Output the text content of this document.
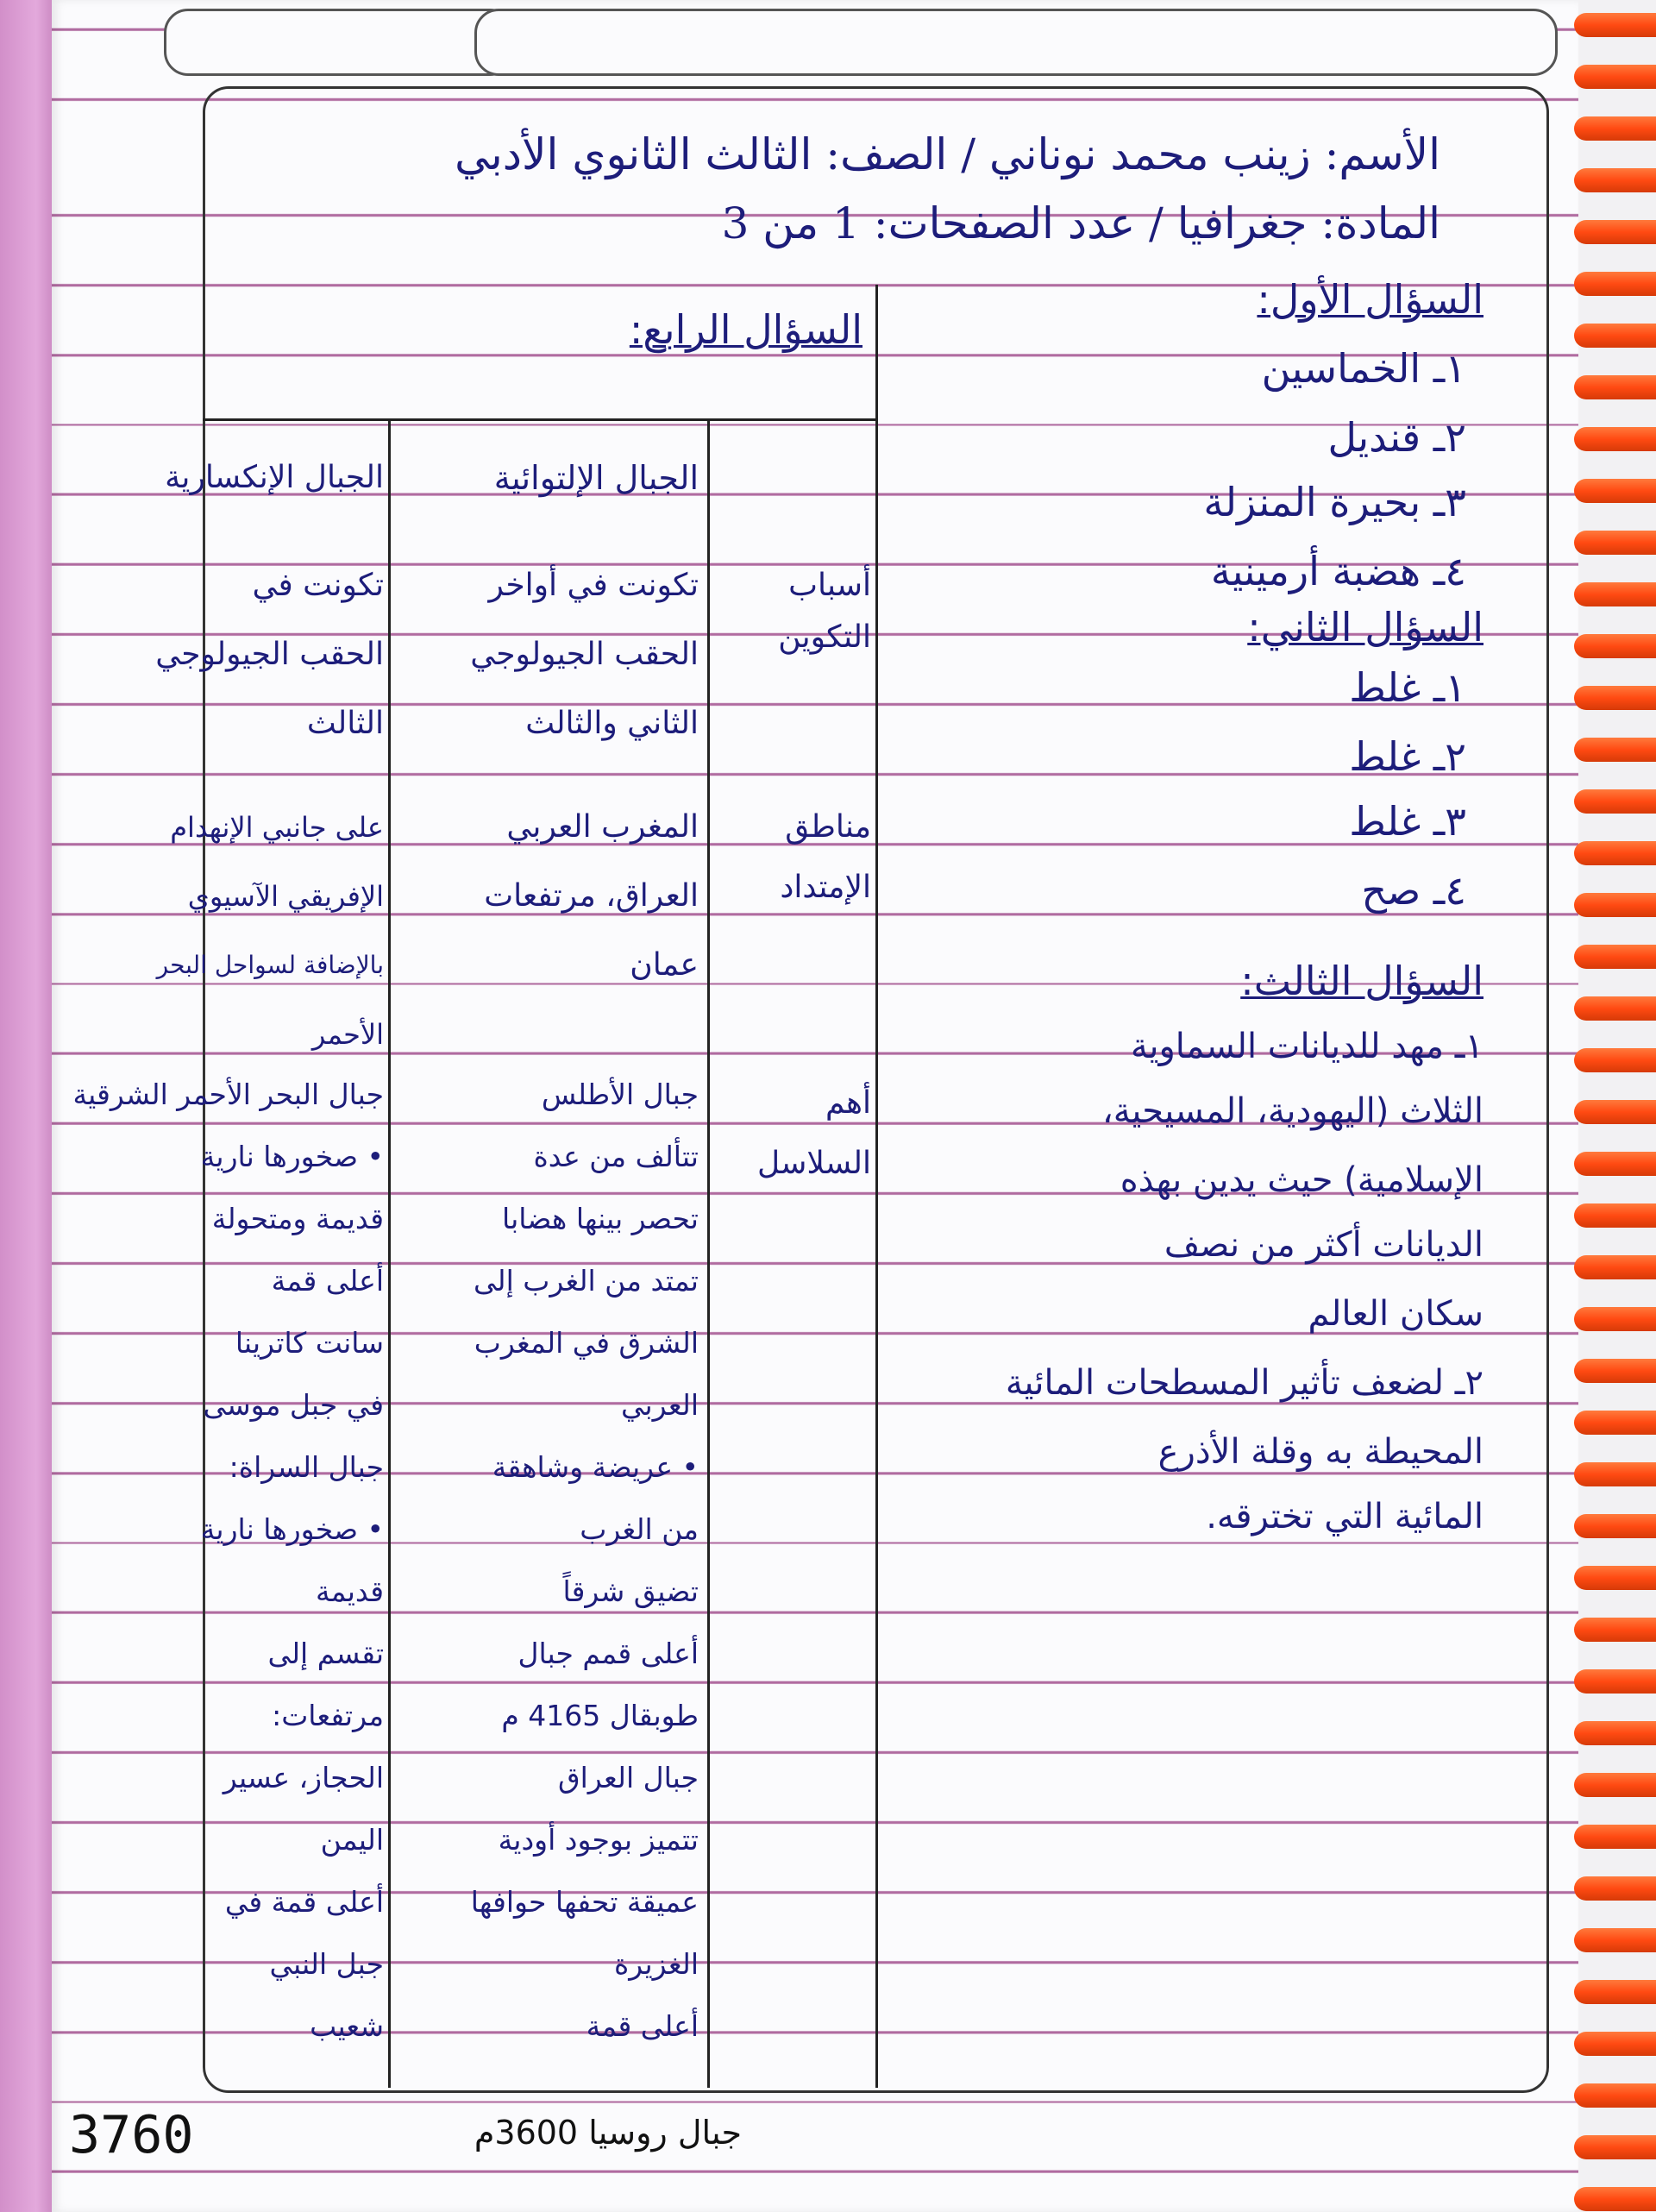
الأسم: زينب محمد نوناني / الصف: الثالث الثانوي الأدبي
المادة: جغرافيا / عدد الصفحات: 1 من 3
السؤال الأول:
١ـ الخماسين
٢ـ قنديل
٣ـ بحيرة المنزلة
٤ـ هضبة أرمينية
السؤال الثاني:
١ـ غلط
٢ـ غلط
٣ـ غلط
٤ـ صح
السؤال الثالث:
١ـ مهد للديانات السماوية
الثلاث (اليهودية، المسيحية،
الإسلامية) حيث يدين بهذه
الديانات أكثر من نصف
سكان العالم
٢ـ لضعف تأثير المسطحات المائية
المحيطة به وقلة الأذرع
المائية التي تخترقه.
السؤال الرابع:
الجبال الإلتوائية
الجبال الإنكسارية
أسباب
التكوين
تكونت في أواخر
الحقب الجيولوجي
الثاني والثالث
تكونت في
الحقب الجيولوجي
الثالث
مناطق
الإمتداد
المغرب العربي
العراق، مرتفعات
عمان
على جانبي الإنهدام
الإفريقي الآسيوي
بالإضافة لسواحل البحر
الأحمر
أهم
السلاسل
3760	جبال روسيا 3600م
جبال الأطلس
تتألف من عدة
تحصر بينها هضابا
تمتد من الغرب إلى
الشرق في المغرب
العربي
• عريضة وشاهقة
من الغرب
تضيق شرقاً
أعلى قمم جبال
طوبقال 4165 م
جبال العراق
تتميز بوجود أودية
عميقة تحفها حوافها
الغزيرة
أعلى قمة
جبال البحر الأحمر الشرقية
• صخورها نارية
قديمة ومتحولة
أعلى قمة
سانت كاترينا
في جبل موسى
جبال السراة:
• صخورها نارية
قديمة
تقسم إلى
مرتفعات:
الحجاز، عسير
اليمن
أعلى قمة في
جبل النبي
شعيب
